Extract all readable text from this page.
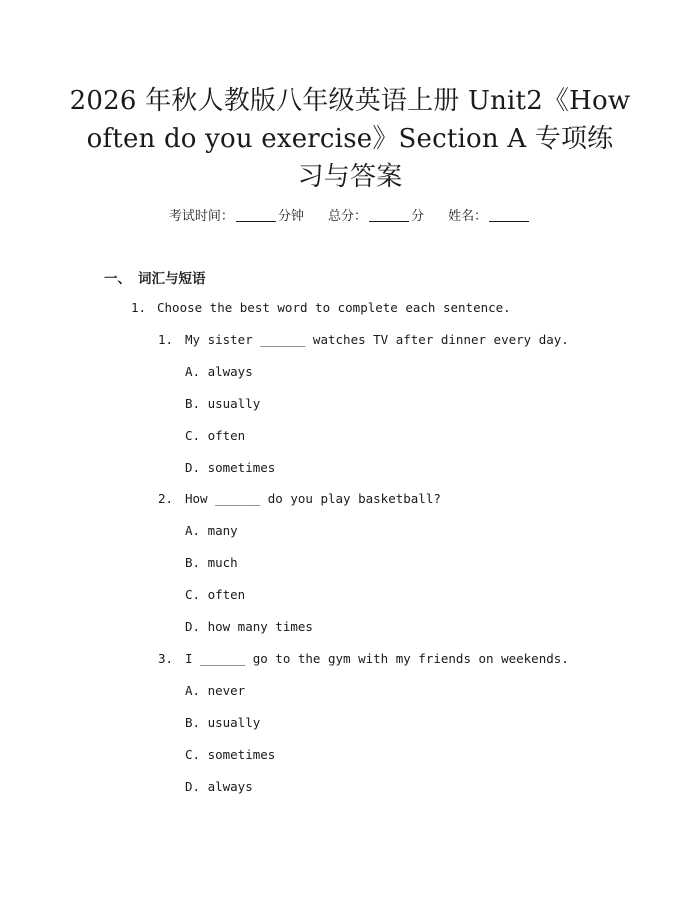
2026 年秋人教版八年级英语上册 Unit2《How
often do you exercise》Section A 专项练
习与答案
考试时间：	分钟 总分：	分 姓名：
一、 词汇与短语
1. Choose the best word to complete each sentence.
1. My sister ______ watches TV after dinner every day.
A. always
B. usually
C. often
D. sometimes
2. How ______ do you play basketball?
A. many
B. much
C. often
D. how many times
3. I ______ go to the gym with my friends on weekends.
A. never
B. usually
C. sometimes
D. always
